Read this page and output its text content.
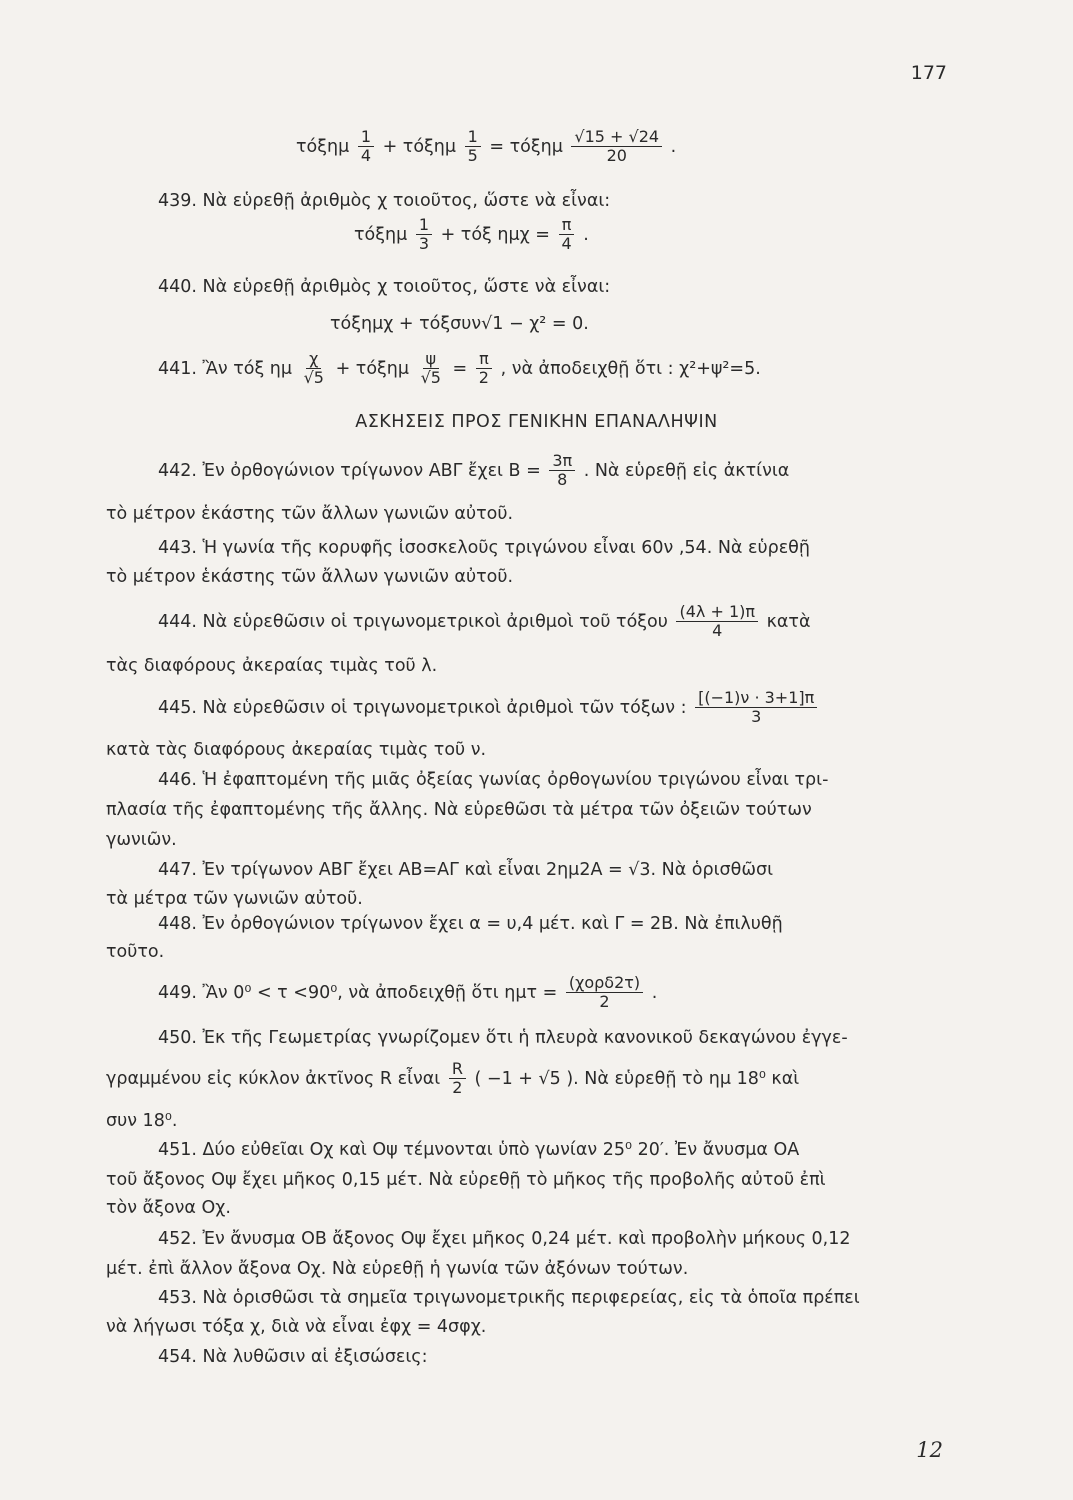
177
τόξημ $\frac{1}{4} + \tau ό\xi\eta\mu \frac{1}{5} = \tau ό\xi\eta\mu \frac{√15 + √24}{20}$ .
439. Νὰ εὑρεθῇ ἀριθμὸς χ τοιοῦτος, ὥστε νὰ εἶναι:
τόξημ $\frac{1}{3} + \tau ό\xi$ $\eta\mu\chi = \frac{\pi}{4}$ .
440. Νὰ εὑρεθῇ ἀριθμὸς χ τοιοῦτος, ὥστε νὰ εἶναι:
τόξημχ + τόξσυν√1 − χ² = 0.
441. Ἂν τόξ ημ $\frac{\chi}{√5} + \tau ό\xi\eta\mu \frac{\psi}{√5} = \frac{\pi}{2}$ , νὰ ἀποδειχθῇ ὅτι : χ²+ψ²=5.
ΑΣΚΗΣΕΙΣ ΠΡΟΣ ΓΕΝΙΚΗΝ ΕΠΑΝΑΛΗΨΙΝ
442. Ἐν ὀρθογώνιον τρίγωνον ΑΒΓ ἔχει $B = \frac{3\pi}{8}$ . Νὰ εὑρεθῇ εἰς ἀκτίνια
τὸ μέτρον ἑκάστης τῶν ἄλλων γωνιῶν αὐτοῦ.
443. Ἡ γωνία τῆς κορυφῆς ἰσοσκελοῦς τριγώνου εἶναι 60ν ,54. Νὰ εὑρεθῇ
τὸ μέτρον ἑκάστης τῶν ἄλλων γωνιῶν αὐτοῦ.
444. Νὰ εὑρεθῶσιν οἱ τριγωνομετρικοὶ ἀριθμοὶ τοῦ τόξου $\frac{(4\lambda + 1)\pi}{4}$ κατὰ
τὰς διαφόρους ἀκεραίας τιμὰς τοῦ λ.
445. Νὰ εὑρεθῶσιν οἱ τριγωνομετρικοὶ ἀριθμοὶ τῶν τόξων : $\frac{[(-1)\nu \cdot 3+1]\pi}{3}$
κατὰ τὰς διαφόρους ἀκεραίας τιμὰς τοῦ ν.
446. Ἡ ἐφαπτομένη τῆς μιᾶς ὀξείας γωνίας ὀρθογωνίου τριγώνου εἶναι τρι-
πλασία τῆς ἐφαπτομένης τῆς ἄλλης. Νὰ εὑρεθῶσι τὰ μέτρα τῶν ὀξειῶν τούτων
γωνιῶν.
447. Ἐν τρίγωνον ΑΒΓ ἔχει ΑΒ=ΑΓ καὶ εἶναι 2ημ2Α = √3. Νὰ ὁρισθῶσι
τὰ μέτρα τῶν γωνιῶν αὐτοῦ.
448. Ἐν ὀρθογώνιον τρίγωνον ἔχει α = υ,4 μέτ. καὶ Γ = 2Β. Νὰ ἐπιλυθῇ
τοῦτο.
449. Ἂν 0⁰ < τ <90⁰, νὰ ἀποδειχθῇ ὅτι $\eta\mu\tau = \frac{\text{(χορδ2τ)}}{2}$ .
450. Ἐκ τῆς Γεωμετρίας γνωρίζομεν ὅτι ἡ πλευρὰ κανονικοῦ δεκαγώνου ἐγγε-
γραμμένου εἰς κύκλον ἀκτῖνος R εἶναι $\frac{R}{2}$ ( −1 + √5 ). Νὰ εὑρεθῇ τὸ ημ 18⁰ καὶ
συν 18⁰.
451. Δύο εὐθεῖαι Οχ καὶ Οψ τέμνονται ὑπὸ γωνίαν 25⁰ 20′. Ἐν ἄνυσμα ΟΑ
τοῦ ἄξονος Οψ ἔχει μῆκος 0,15 μέτ. Νὰ εὑρεθῇ τὸ μῆκος τῆς προβολῆς αὐτοῦ ἐπὶ
τὸν ἄξονα Οχ.
452. Ἐν ἄνυσμα ΟΒ ἄξονος Οψ ἔχει μῆκος 0,24 μέτ. καὶ προβολὴν μήκους 0,12
μέτ. ἐπὶ ἄλλον ἄξονα Οχ. Νὰ εὑρεθῇ ἡ γωνία τῶν ἀξόνων τούτων.
453. Νὰ ὁρισθῶσι τὰ σημεῖα τριγωνομετρικῆς περιφερείας, εἰς τὰ ὁποῖα πρέπει
νὰ λήγωσι τόξα χ, διὰ νὰ εἶναι ἐφχ = 4σφχ.
454. Νὰ λυθῶσιν αἱ ἐξισώσεις:
12
